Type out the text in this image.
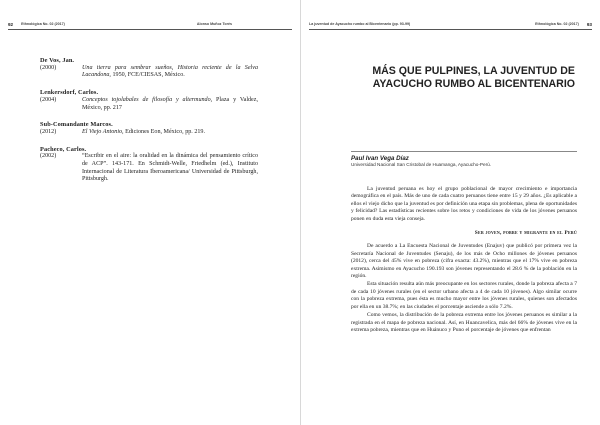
92 Ethnológica No. 02 (2017)	Alonso Muñoz Torés
De Vos, Jan.
(2000)	Una tierra para sembrar sueños, Historia reciente de la Selva Lacandona, 1950, FCE/CIESAS, México.
Lenkersdorf, Carlos.
(2004)	Conceptos tojolabales de filosofía y altermundo, Plaza y Valdez, México, pp. 217
Sub-Comandante Marcos.
(2012)	El Viejo Antonio, Ediciones Eon, México, pp. 219.
Pacheco, Carlos.
(2002)	“Escribir en el aire: la oralidad en la dinámica del pensamiento crítico de ACP”. 143-171. En Schmidt-Welle, Friedhelm (ed.), Instituto Internacional de Literatura Iberoamericana/ Universidad de Pittsburgh, Pittsburgh.
La juventud de Ayacucho rumbo al Bicentenario (pp. 93-99)	Ethnológica No. 02 (2017) 93
MÁS QUE PULPINES, LA JUVENTUD DE AYACUCHO RUMBO AL BICENTENARIO
Paul Ivan Vega Díaz
Universidad Nacional San Cristobal de Huamanga, Ayacucho-Perú.

La juventud peruana es hoy el grupo poblacional de mayor crecimiento e importancia demográfica en el país. Más de uno de cada cuatro peruanos tiene entre 15 y 29 años. ¿Es aplicable a ellos el viejo dicho que la juventud es por definición una etapa sin problemas, plena de oportunidades y felicidad? Las estadísticas recientes sobre los retos y condiciones de vida de los jóvenes peruanos ponen en duda esta vieja conseja.

Ser joven, pobre y migrante en el Perú

De acuerdo a La Encuesta Nacional de Juventudes (Enajuv) que publicó por primera vez la Secretaría Nacional de Juventudes (Senaju), de los más de Ocho millones de jóvenes peruanos (2012), cerca del 45% vive en pobreza (cifra exacta: 43.2%), mientras que el 17% vive en pobreza extrema. Asimismo en Ayacucho 190.193 son jóvenes representando el 28.6 % de la población en la región.

Esta situación resulta aún más preocupante en los sectores rurales, donde la pobreza afecta a 7 de cada 10 jóvenes rurales (en el sector urbano afecta a 4 de cada 10 jóvenes). Algo similar ocurre con la pobreza extrema, pues ésta es mucho mayor entre los jóvenes rurales, quienes son afectados por ella en un 38.7%; en las ciudades el porcentaje asciende a sólo 7.2%.

Como vemos, la distribución de la pobreza extrema entre los jóvenes peruanos es similar a la registrada en el mapa de pobreza nacional. Así, en Huancavelica, más del 66% de jóvenes vive en la extrema pobreza, mientras que en Huánuco y Puno el porcentaje de jóvenes que enfrentan
